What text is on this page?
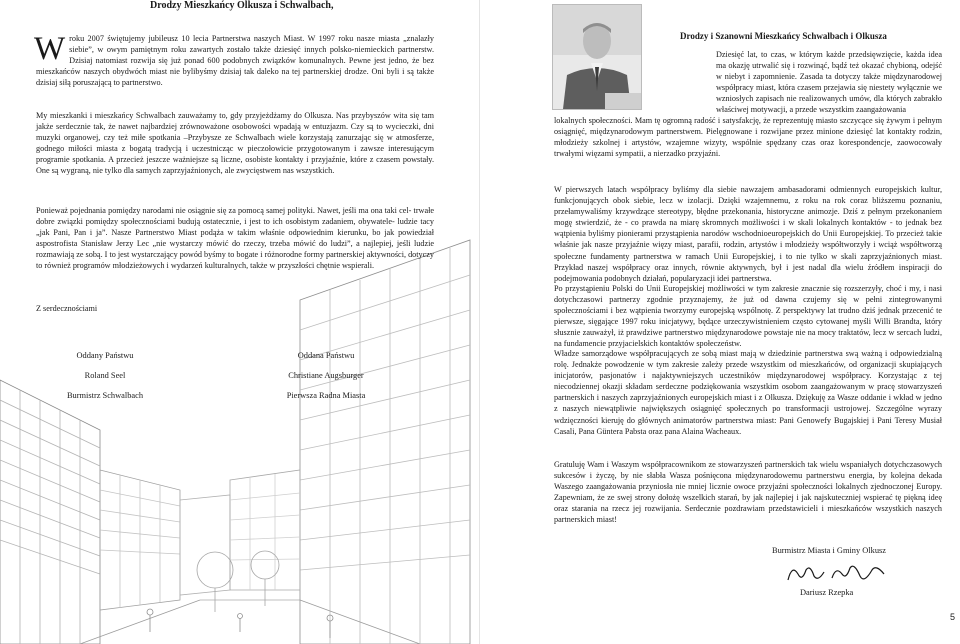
Drodzy Mieszkańcy Olkusza i Schwalbach,
W roku 2007 świętujemy jubileusz 10 lecia Partnerstwa naszych Miast. W 1997 roku nasze miasta „znalazły siebie”, w owym pamiętnym roku zawartych zostało także dziesięć innych polsko-niemieckich partnerstw. Dzisiaj natomiast rozwija się już ponad 600 podobnych związków komunalnych. Pewne jest jedno, że bez mieszkańców naszych obydwóch miast nie bylibyśmy dzisiaj tak daleko na tej partnerskiej drodze. Oni byli i są także dzisiaj siłą poruszającą to partnerstwo.
My mieszkanki i mieszkańcy Schwalbach zauważamy to, gdy przyjeżdżamy do Olkusza. Nas przybyszów wita się tam jakże serdecznie tak, że nawet najbardziej zrównoważone osobowości wpadają w entuzjazm. Czy są to wycieczki, dni muzyki organowej, czy też miłe spotkania –Przybysze ze Schwalbach wiele korzystają zanurzając się w atmosferze, godnego miłości miasta z bogatą tradycją i uczestnicząc w pieczołowicie przygotowanym i zawsze interesującym programie spotkania. A przecież jeszcze ważniejsze są liczne, osobiste kontakty i przyjaźnie, które z czasem powstały. One są wygraną, nie tylko dla samych zaprzyjaźnionych, ale zwycięstwem nas wszystkich.
Ponieważ pojednania pomiędzy narodami nie osiągnie się za pomocą samej polityki. Nawet, jeśli ma ona taki cel- trwałe dobre związki pomiędzy społecznościami budują ostatecznie, i jest to ich osobistym zadaniem, obywatele- ludzie tacy „jak Pani, Pan i ja”. Nasze Partnerstwo Miast podąża w takim właśnie odpowiednim kierunku, bo jak powiedział aspostrofista Stanisław Jerzy Lec „nie wystarczy mówić do rzeczy, trzeba mówić do ludzi”, a najlepiej, jeśli ludzie rozmawiają ze sobą. I to jest wystarczający powód byśmy to bogate i różnorodne formy partnerskiej aktywności, dotyczy to również programów młodzieżowych i wydarzeń kulturalnych, także w przyszłości chętnie wspierali.
Z serdecznościami
Oddany Państwu
Roland Seel
Burmistrz Schwalbach
Oddana Państwu
Christiane Augsburger
Pierwsza Radna Miasta
Drodzy i Szanowni Mieszkańcy Schwalbach i Olkusza
Dziesięć lat, to czas, w którym każde przedsięwzięcie, każda idea ma okazję utrwalić się i rozwinąć, bądź też okazać chybioną, odejść w niebyt i zapomnienie. Zasada ta dotyczy także międzynarodowej współpracy miast, która czasem przejawia się niestety wyłącznie we wzniosłych zapisach nie realizowanych umów, dla których zabrakło właściwej motywacji, a przede wszystkim zaangażowania
lokalnych społeczności. Mam tę ogromną radość i satysfakcję, że reprezentuję miasto szczycące się żywym i pełnym osiągnięć, międzynarodowym partnerstwem. Pielęgnowane i rozwijane przez minione dziesięć lat kontakty rodzin, młodzieży szkolnej i artystów, wzajemne wizyty, wspólnie spędzany czas oraz korespondencje, zaowocowały trwałymi więzami sympatii, a nierzadko przyjaźni.
W pierwszych latach współpracy byliśmy dla siebie nawzajem ambasadorami odmiennych europejskich kultur, funkcjonujących obok siebie, lecz w izolacji. Dzięki wzajemnemu, z roku na rok coraz bliższemu poznaniu, przełamywaliśmy krzywdzące stereotypy, błędne przekonania, historyczne animozje. Dziś z pełnym przekonaniem mogę stwierdzić, że - co prawda na miarę skromnych możliwości i w skali lokalnych kontaktów - to jednak bez wątpienia byliśmy pionierami przystąpienia narodów wschodnioeuropejskich do Unii Europejskiej. To przecież takie właśnie jak nasze przyjaźnie więzy miast, parafii, rodzin, artystów i młodzieży współtworzyły i wciąż współtworzą społeczne fundamenty partnerstwa w ramach Unii Europejskiej, i to nie tylko w skali zaprzyjaźnionych miast. Przykład naszej współpracy oraz innych, równie aktywnych, był i jest nadal dla wielu źródłem inspiracji do podejmowania podobnych działań, popularyzacji idei partnerstwa.
Po przystąpieniu Polski do Unii Europejskiej możliwości w tym zakresie znacznie się rozszerzyły, choć i my, i nasi dotychczasowi partnerzy zgodnie przyznajemy, że już od dawna czujemy się w pełni zintegrowanymi społecznościami i bez wątpienia tworzymy europejską wspólnotę. Z perspektywy lat trudno dziś jednak przecenić te pierwsze, sięgające 1997 roku inicjatywy, będące urzeczywistnieniem często cytowanej myśli Willi Brandta, który słusznie zauważył, iż prawdziwe partnerstwo międzynarodowe powstaje nie na mocy traktatów, lecz w sercach ludzi, na fundamencie przyjacielskich kontaktów społeczeństw.
Władze samorządowe współpracujących ze sobą miast mają w dziedzinie partnerstwa swą ważną i odpowiedzialną rolę. Jednakże powodzenie w tym zakresie zależy przede wszystkim od mieszkańców, od organizacji skupiających inicjatorów, pasjonatów i najaktywniejszych uczestników międzynarodowej współpracy. Korzystając z tej niecodziennej okazji składam serdeczne podziękowania wszystkim osobom zaangażowanym w pracę stowarzyszeń partnerskich i naszych zaprzyjaźnionych europejskich miast i z Olkusza. Dziękuję za Wasze oddanie i wkład w jedno z naszych niewątpliwie największych osiągnięć społecznych po transformacji ustrojowej. Szczególne wyrazy wdzięczności kieruję do głównych animatorów partnerstwa miast: Pani Genowefy Bugajskiej i Pani Teresy Musiał Casali, Pana Güntera Pabsta oraz pana Alaina Wacheaux.
Gratuluję Wam i Waszym współpracownikom ze stowarzyszeń partnerskich tak wielu wspaniałych dotychczasowych sukcesów i życzę, by nie słabła Wasza pośnięcona międzynarodowemu partnerstwu energia, by kolejna dekada Waszego zaangażowania przyniosła nie mniej licznie owoce przyjaźni społeczności lokalnych zjednoczonej Europy. Zapewniam, że ze swej strony dołożę wszelkich starań, by jak najlepiej i jak najskuteczniej wspierać tę piękną ideę oraz starania na rzecz jej rozwijania. Serdecznie pozdrawiam przedstawicieli i mieszkańców wszystkich naszych partnerskich miast!
Burmistrz Miasta i Gminy Olkusz
Dariusz Rzepka
5
